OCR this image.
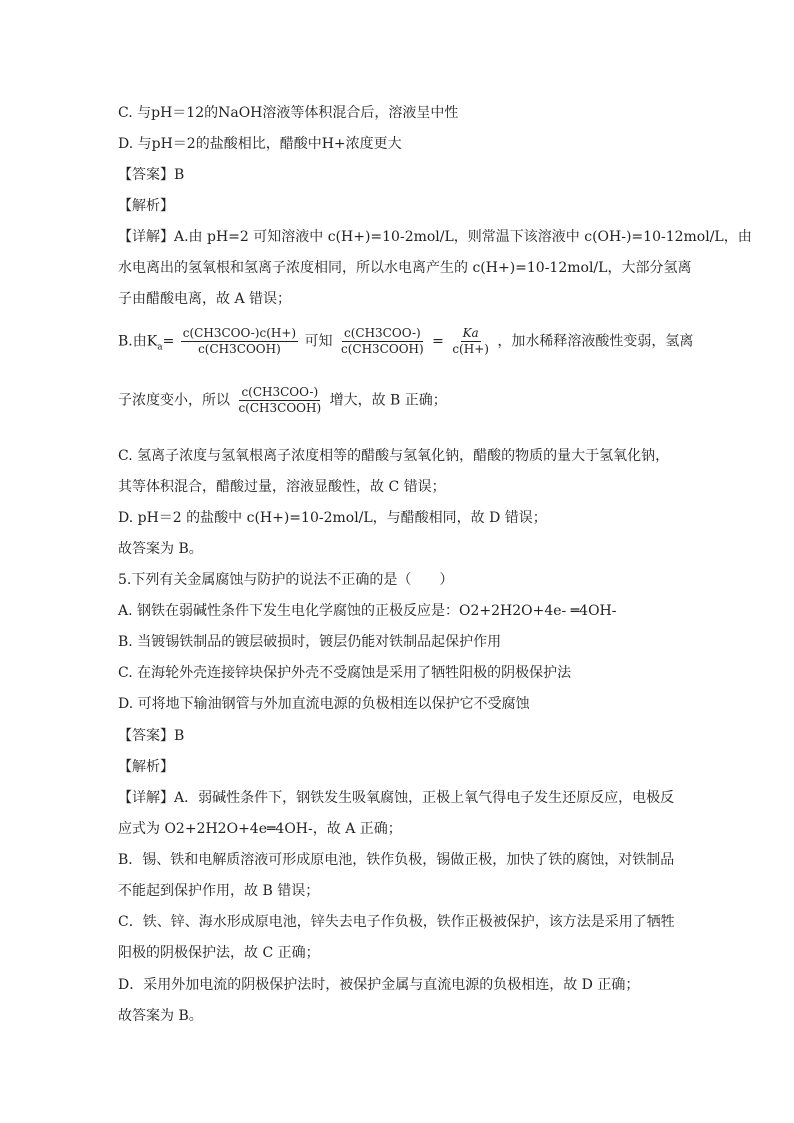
C. 与pH＝12的NaOH溶液等体积混合后，溶液呈中性
D. 与pH＝2的盐酸相比，醋酸中H+浓度更大
【答案】B
【解析】
【详解】A.由 pH=2 可知溶液中 c(H+)=10-2mol/L，则常温下该溶液中 c(OH-)=10-12mol/L，由
水电离出的氢氧根和氢离子浓度相同，所以水电离产生的 c(H+)=10-12mol/L，大部分氢离
子由醋酸电离，故 A 错误；
B.由$K_a= \frac{\text{c(CH3COO-)c(H+)}}{\text{c(CH3COOH)}}$ 可知 $\frac{\text{c(CH3COO-)}}{\text{c(CH3COOH)}} = \frac{Ka}{c(H+)}$ ，加水稀释溶液酸性变弱，氢离
子浓度变小，所以 $\frac{\text{c(CH3COO-)}}{\text{c(CH3COOH)}}$ 增大，故 B 正确；
C. 氢离子浓度与氢氧根离子浓度相等的醋酸与氢氧化钠，醋酸的物质的量大于氢氧化钠，
其等体积混合，醋酸过量，溶液显酸性，故 C 错误；
D. pH＝2 的盐酸中 c(H+)=10-2mol/L，与醋酸相同，故 D 错误；
故答案为 B。
5.下列有关金属腐蚀与防护的说法不正确的是（　　）
A. 钢铁在弱碱性条件下发生电化学腐蚀的正极反应是：O2+2H2O+4e- ═4OH-
B. 当镀锡铁制品的镀层破损时，镀层仍能对铁制品起保护作用
C. 在海轮外壳连接锌块保护外壳不受腐蚀是采用了牺牲阳极的阴极保护法
D. 可将地下输油钢管与外加直流电源的负极相连以保护它不受腐蚀
【答案】B
【解析】
【详解】A．弱碱性条件下，钢铁发生吸氧腐蚀，正极上氧气得电子发生还原反应，电极反
应式为 O2+2H2O+4e═4OH-，故 A 正确；
B．锡、铁和电解质溶液可形成原电池，铁作负极，锡做正极，加快了铁的腐蚀，对铁制品
不能起到保护作用，故 B 错误；
C．铁、锌、海水形成原电池，锌失去电子作负极，铁作正极被保护，该方法是采用了牺牲
阳极的阴极保护法，故 C 正确；
D．采用外加电流的阴极保护法时，被保护金属与直流电源的负极相连，故 D 正确；
故答案为 B。
